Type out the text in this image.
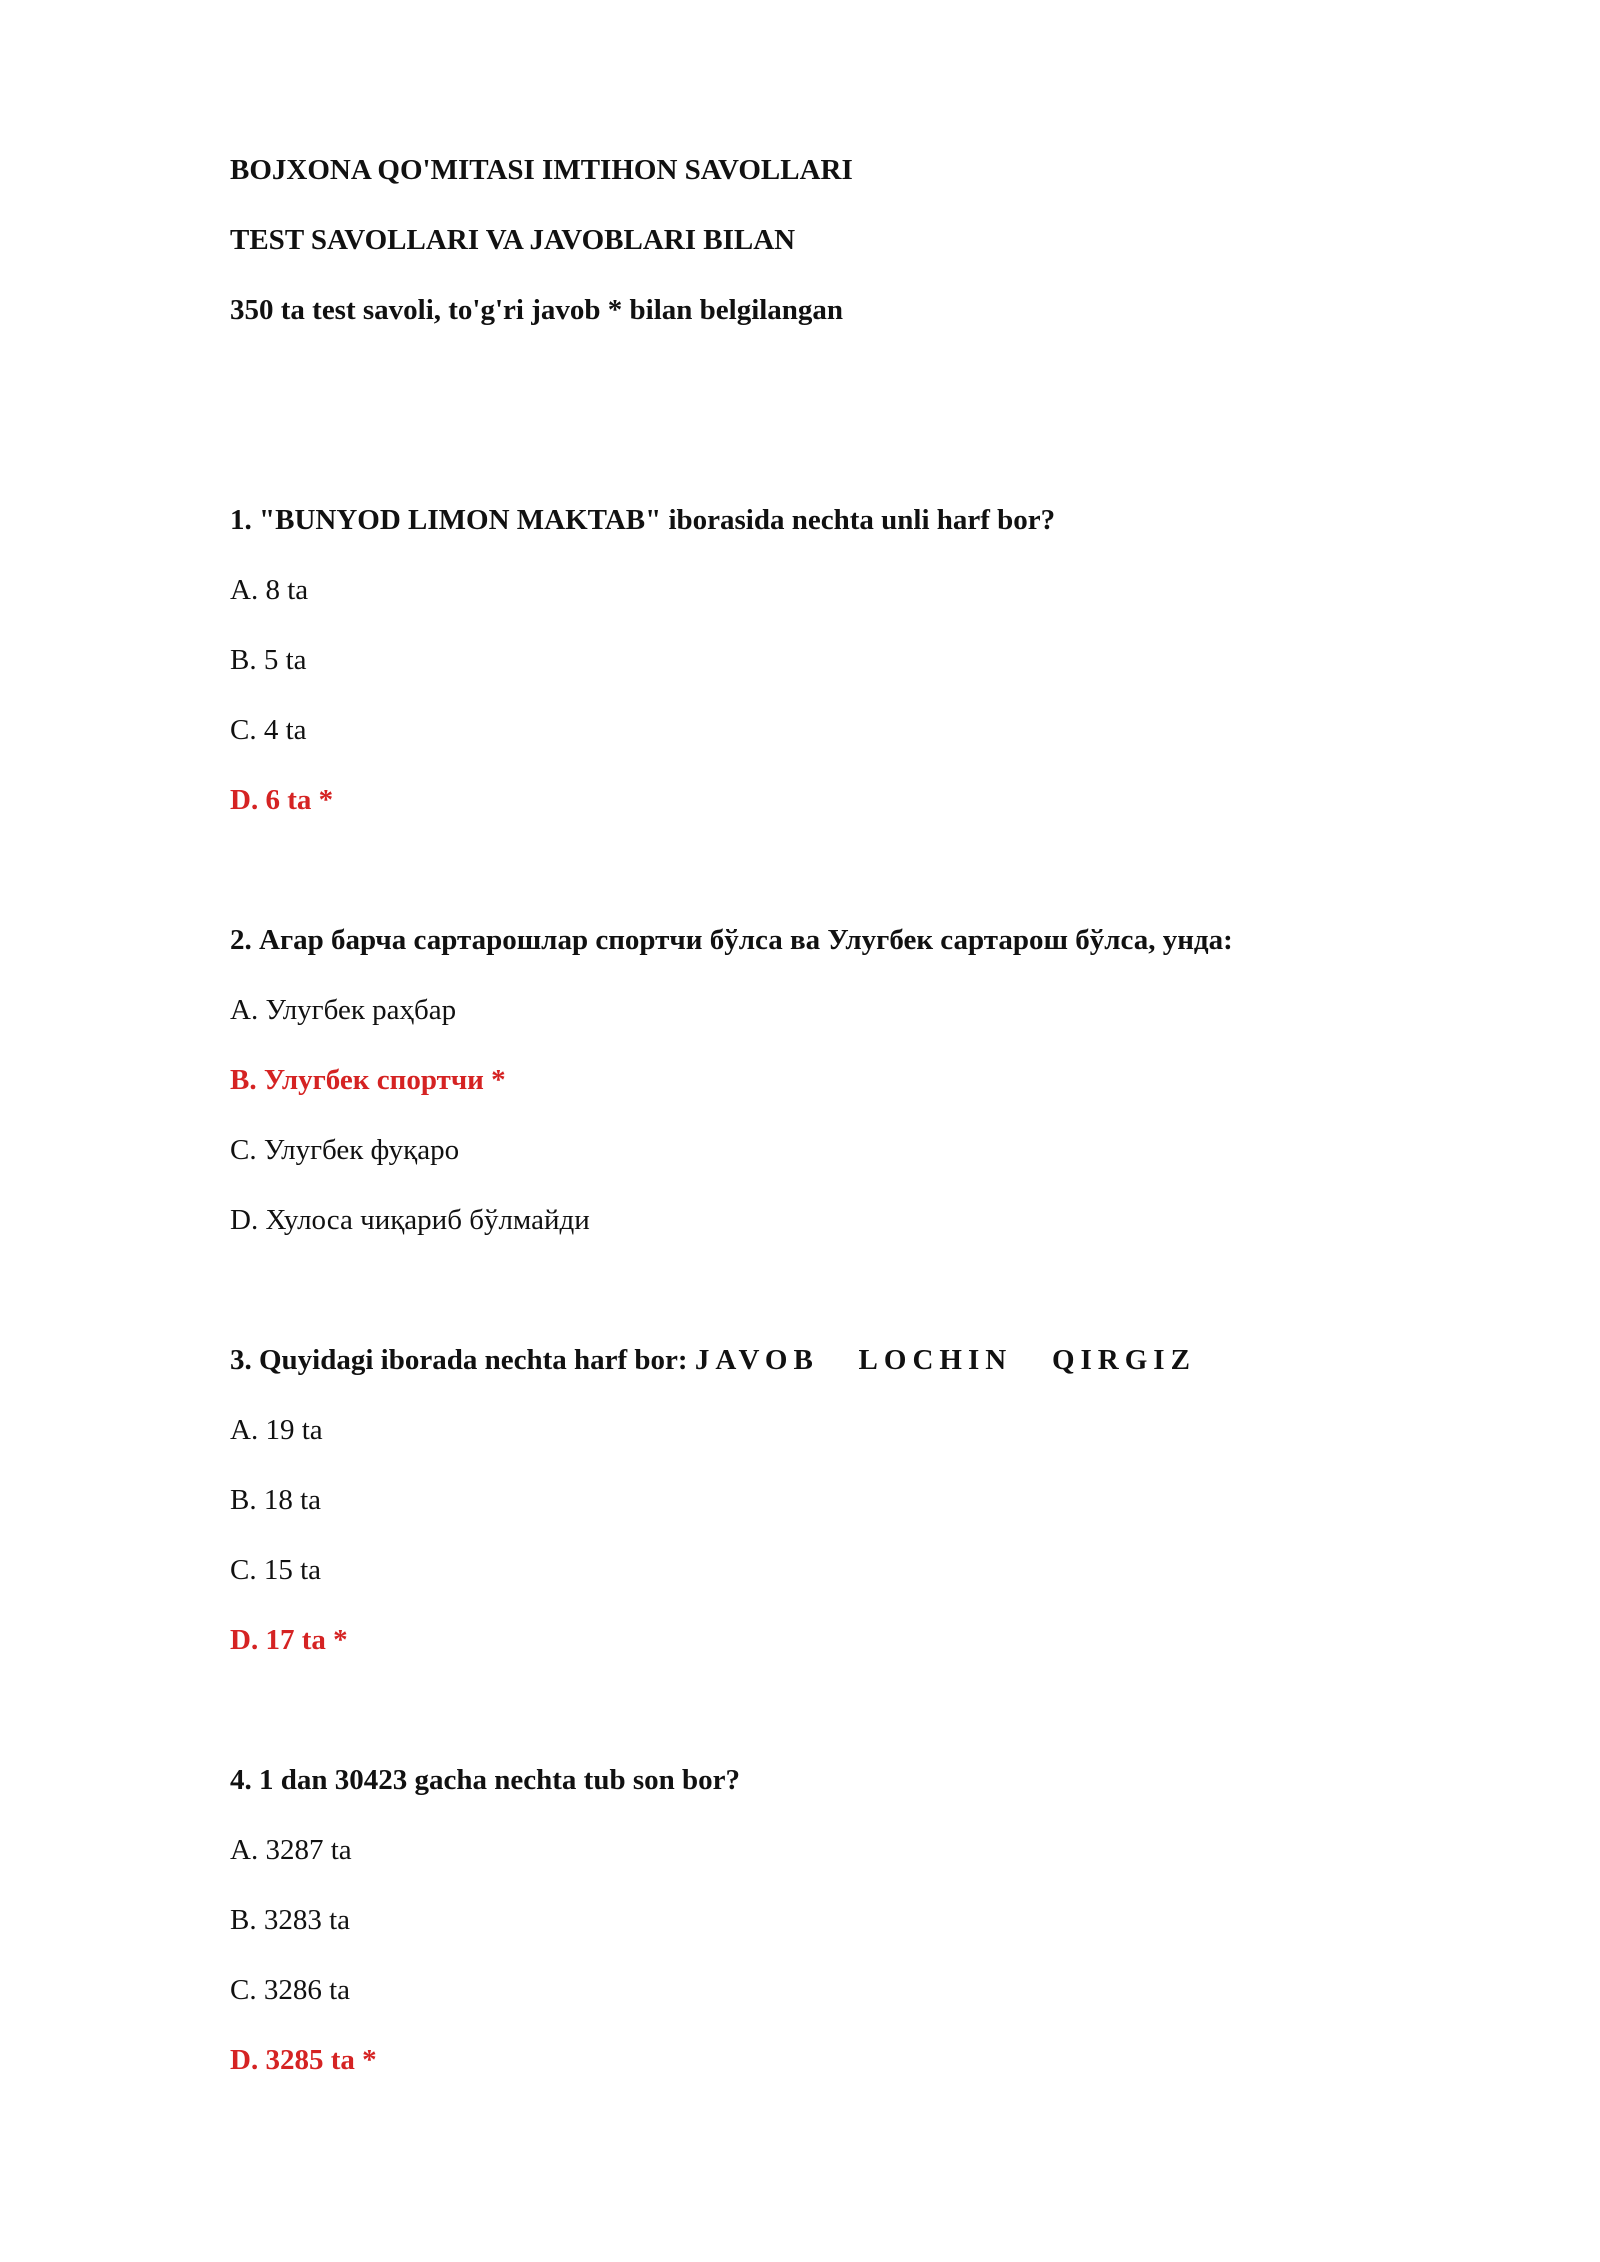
BOJXONA QO'MITASI IMTIHON SAVOLLARI

TEST SAVOLLARI VA JAVOBLARI BILAN

350 ta test savoli, to'g'ri javob * bilan belgilangan

1. "BUNYOD LIMON MAKTAB" iborasida nechta unli harf bor?

A. 8 ta

B. 5 ta

C. 4 ta

D. 6 ta *

2. Агар барча сартарошлар спортчи бўлса ва Улугбек сартарош бўлса, унда:

A. Улугбек раҳбар

B. Улугбек спортчи *

C. Улугбек фуқаро

D. Хулоса чиқариб бўлмайди

3. Quyidagi iborada nechta harf bor: JAVOB   LOCHIN   QIRGIZ

A. 19 ta

B. 18 ta

C. 15 ta

D. 17 ta *

4. 1 dan 30423 gacha nechta tub son bor?

A. 3287 ta

B. 3283 ta

C. 3286 ta

D. 3285 ta *
